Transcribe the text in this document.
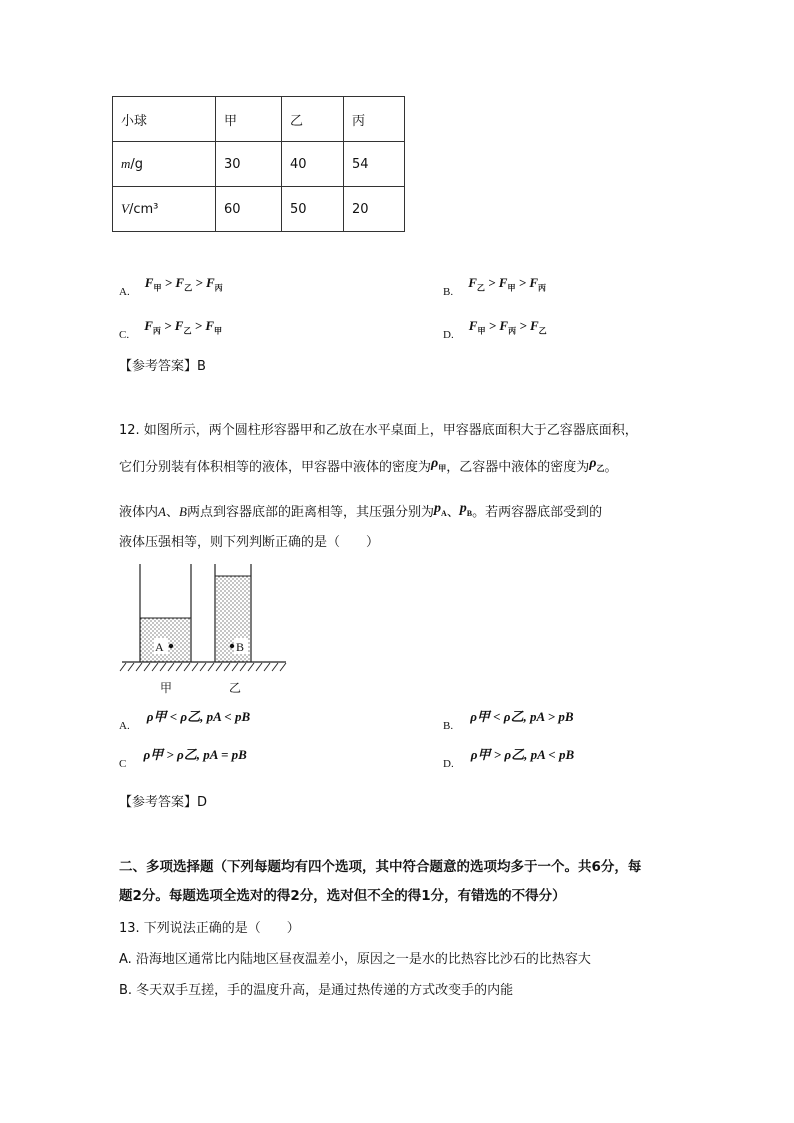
小球	甲	乙	丙
m/g	30	40	54
V/cm³	60	50	20
A. $^{F_甲 > F_乙 > F_丙}$	B. $^{F_乙 > F_甲 > F_丙}$
C. $^{F_丙 > F_乙 > F_甲}$	D. $^{F_甲 > F_丙 > F_乙}$
【参考答案】B
12. 如图所示，两个圆柱形容器甲和乙放在水平桌面上，甲容器底面积大于乙容器底面积，
它们分别装有体积相等的液体，甲容器中液体的密度为$\rho_甲$，乙容器中液体的密度为$\rho_乙$。
液体内A、B两点到容器底部的距离相等，其压强分别为$p_A$、$p_B$。若两容器底部受到的
液体压强相等，则下列判断正确的是（　　）
A	B
甲	乙
A. $^{\rho 甲 < \rho 乙, pA < pB}$
B. $^{\rho 甲 < \rho 乙, pA > pB}$
C $^{\rho 甲 > \rho 乙, pA = pB}$
D. $^{\rho 甲 > \rho 乙, pA < pB}$
【参考答案】D
二、多项选择题（下列每题均有四个选项，其中符合题意的选项均多于一个。共6分，每
题2分。每题选项全选对的得2分，选对但不全的得1分，有错选的不得分）
13. 下列说法正确的是（　　）
A. 沿海地区通常比内陆地区昼夜温差小，原因之一是水的比热容比沙石的比热容大
B. 冬天双手互搓，手的温度升高，是通过热传递的方式改变手的内能
